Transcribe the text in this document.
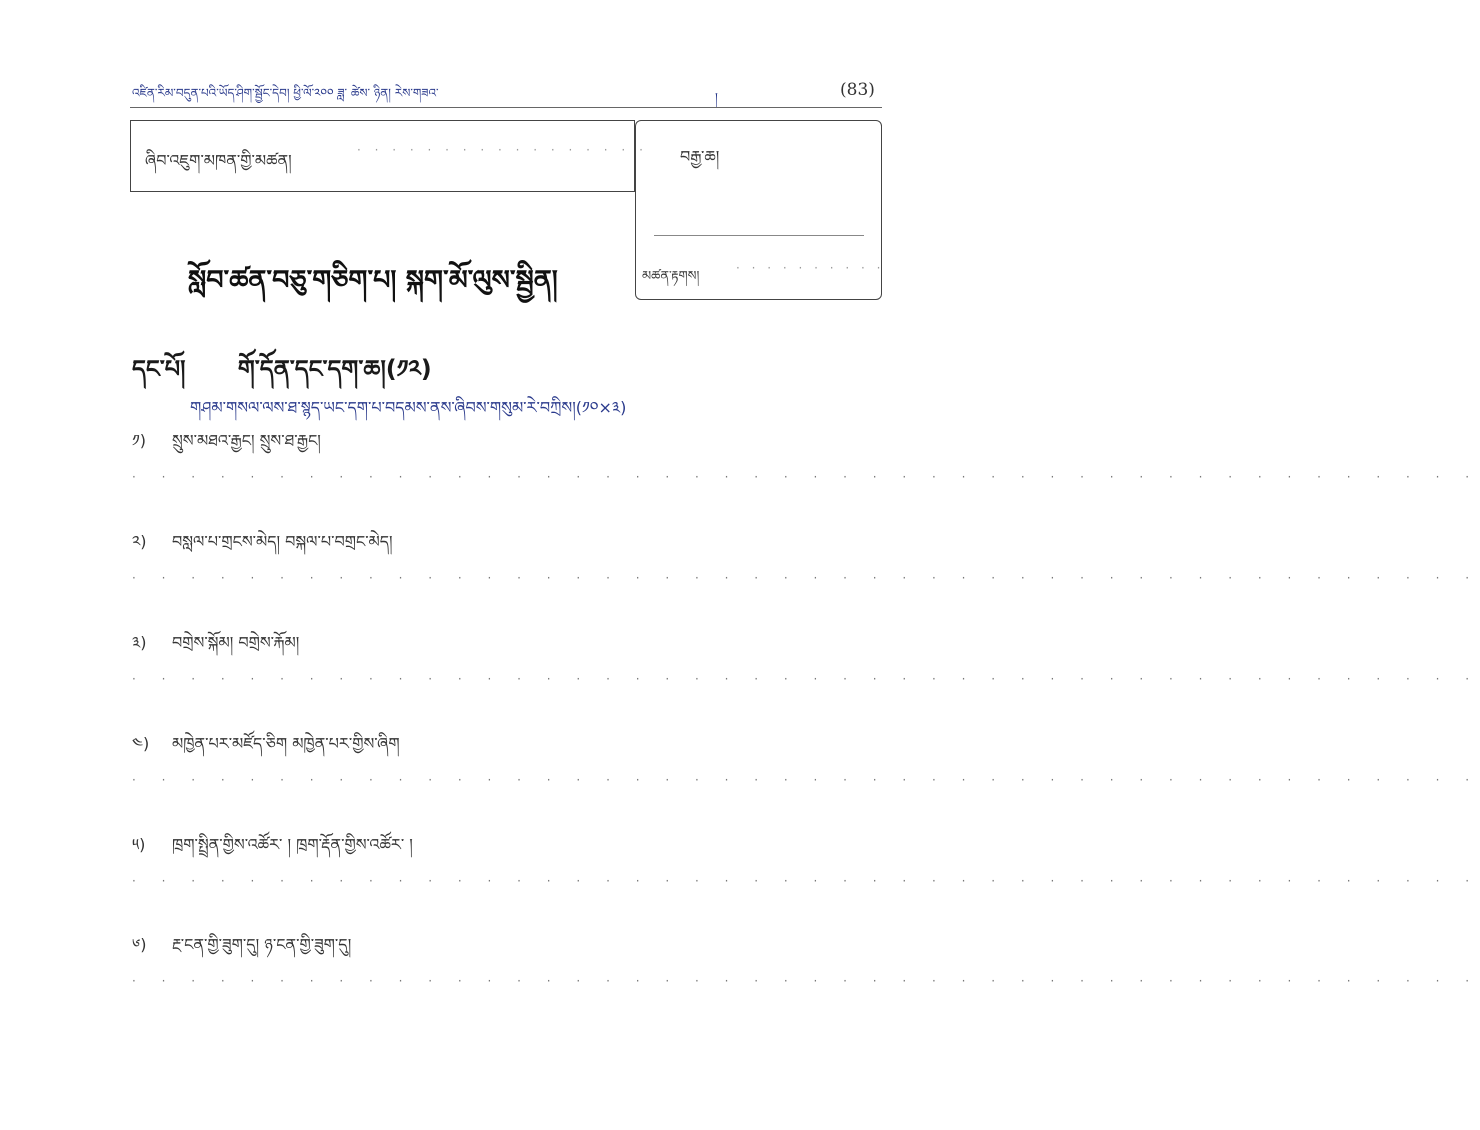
འཛིན་རིམ་བདུན་པའི་ཡོད་ཤིག་སྦྱོང་དེབ། ཕྱི་ལོ་༢༠༠ ཟླ་ ཚེས་ ཉིན། རེས་གཟའ་	།	(83)
ཞིབ་འཇུག་མཁན་གྱི་མཚན།
· · · · · · · · · · · · · · · · · བརྒྱ་ཆ།
མཚན་རྟགས།
· · · · · · · · · ·
སློབ་ཚན་བཅུ་གཅིག་པ། སྐག་མོ་ལུས་སྦྱིན།
དང་པོ། གོ་དོན་དང་དག་ཆ།(༡༢)
གཤམ་གསལ་ལས་ཐ་སྙད་ཡང་དག་པ་བདམས་ནས་ཞིབས་གསུམ་རེ་བཀྲིས།(༡༠×༣)
༡) སྲུས་མཐའ་རྒྱང། སྲུས་ཐ་རྒྱང།
· · · · · · · · · · · · · · · · · · · · · · · · · · · · · · · · · · · · · · · · · · · · · ·
༢) བསླལ་པ་གྲངས་མེད། བསྐལ་པ་བགྲང་མེད།
· · · · · · · · · · · · · · · · · · · · · · · · · · · · · · · · · · · · · · · · · · · · · ·
༣) བགྲེས་སྐོམ། བགྲེས་རྐོམ།
· · · · · · · · · · · · · · · · · · · · · · · · · · · · · · · · · · · · · · · · · · · · · ·
༤) མཁྱེན་པར་མཛོད་ཅིག མཁྱེན་པར་གྱིས་ཞིག
· · · · · · · · · · · · · · · · · · · · · · · · · · · · · · · · · · · · · · · · · · · · · ·
༥) ཁྲག་སྤྲིན་གྱིས་འཚོར་ ། ཁྲག་རྡོན་གྱིས་འཚོར་ །
· · · · · · · · · · · · · · · · · · · · · · · · · · · · · · · · · · · · · · · · · · · · · ·
༦) རྔ་ངན་གྱི་ཟུག་དུ། ཉ་ངན་གྱི་ཟུག་དུ།
· · · · · · · · · · · · · · · · · · · · · · · · · · · · · · · · · · · · · · · · · · · · · ·
